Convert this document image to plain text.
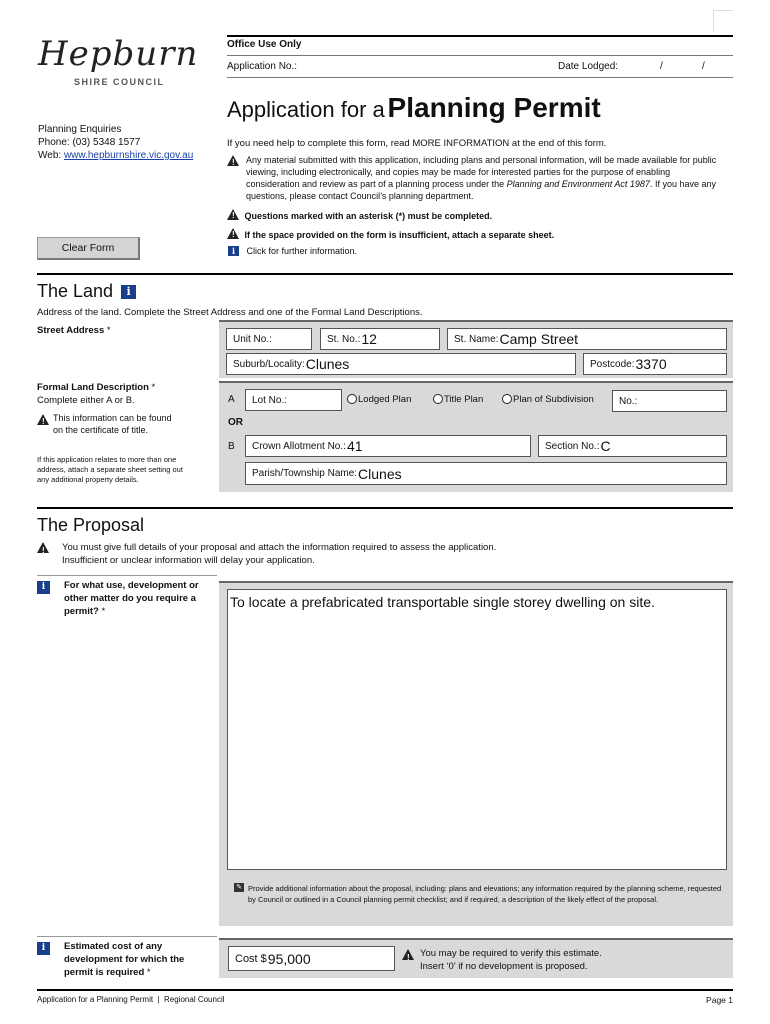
Hepburn
SHIRE COUNCIL
Office Use Only
Application No.:	Date Lodged:	/	/
Application for a Planning Permit
Planning Enquiries
Phone: (03) 5348 1577
Web: www.hepburnshire.vic.gov.au
If you need help to complete this form, read MORE INFORMATION at the end of this form.
!
Any material submitted with this application, including plans and personal information, will be made available for public viewing, including electronically, and copies may be made for interested parties for the purpose of enabling consideration and review as part of a planning process under the Planning and Environment Act 1987. If you have any questions, please contact Council’s planning department.
! Questions marked with an asterisk (*) must be completed.
! If the space provided on the form is insufficient, attach a separate sheet.
i Click for further information.
Clear Form
The Land i
Address of the land. Complete the Street Address and one of the Formal Land Descriptions.
Street Address *
Unit No.:	St. No.: 12	St. Name: Camp Street
Suburb/Locality: Clunes	Postcode: 3370
Formal Land Description *
Complete either A or B.
!
This information can be found on the certificate of title.
If this application relates to more than one address, attach a separate sheet setting out any additional property details.
A Lot No.:	Lodged Plan	Title Plan	Plan of Subdivision	No.:
OR
B Crown Allotment No.: 41	Section No.: C
Parish/Township Name: Clunes
The Proposal
!
You must give full details of your proposal and attach the information required to assess the application.
Insufficient or unclear information will delay your application.
i	For what use, development or other matter do you require a permit? *
To locate a prefabricated transportable single storey dwelling on site.
✎ Provide additional information about the proposal, including: plans and elevations; any information required by the planning scheme, requested by Council or outlined in a Council planning permit checklist; and if required, a description of the likely effect of the proposal.
i	Estimated cost of any development for which the permit is required *
Cost $ 95,000
!	You may be required to verify this estimate.
Insert ‘0’ if no development is proposed.
Application for a Planning Permit  |  Regional Council	Page 1
